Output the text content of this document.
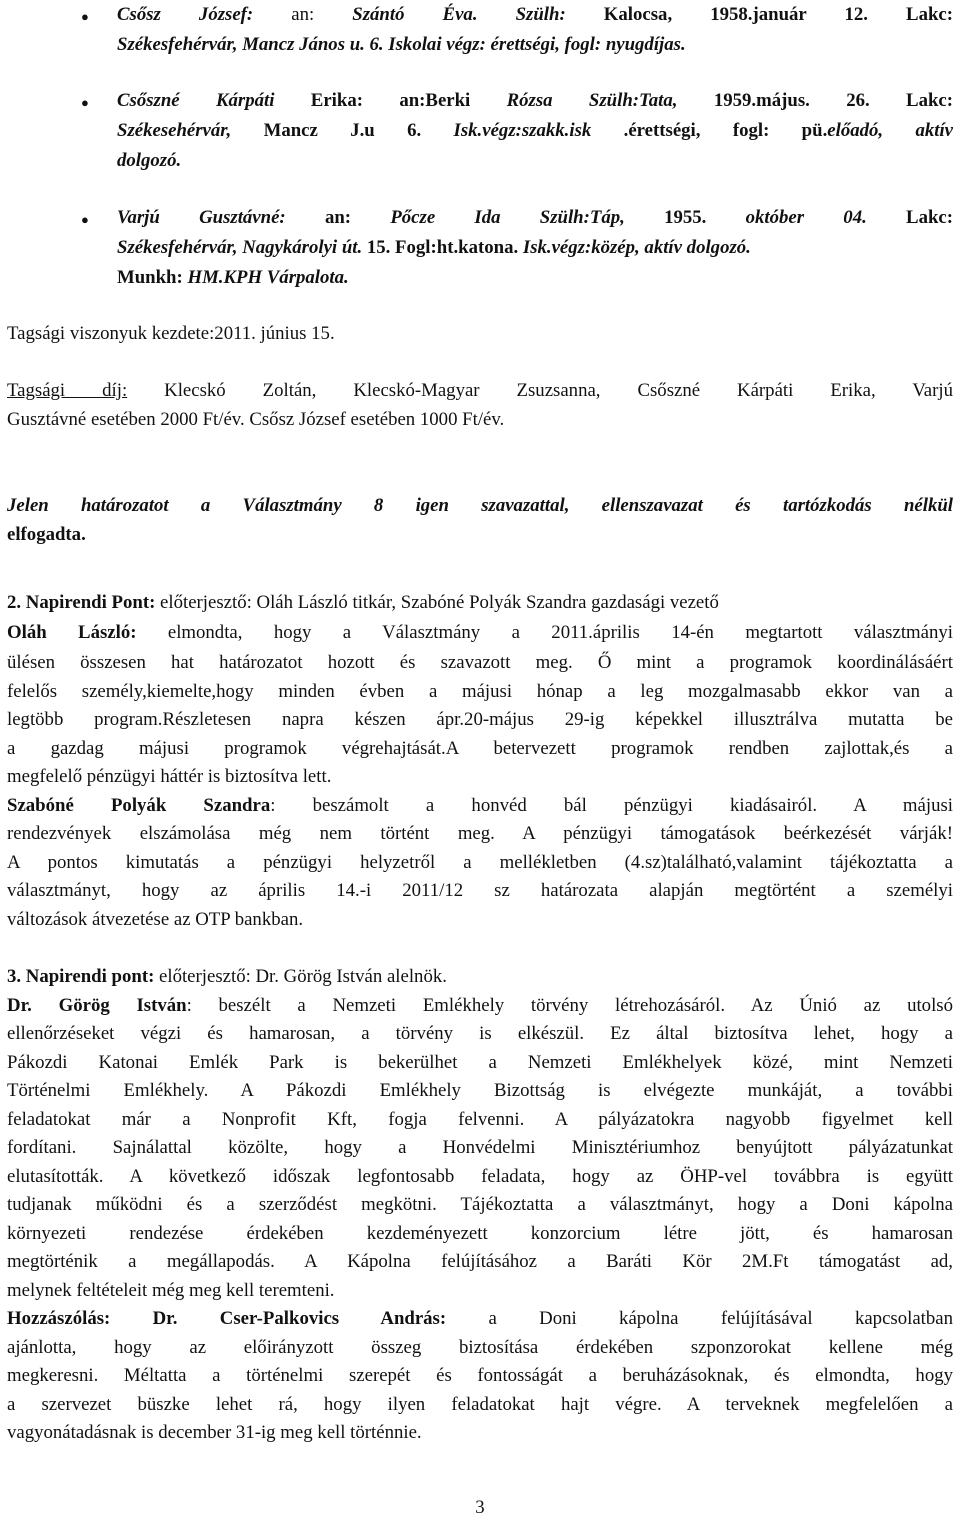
● Csősz József: an: Szántó Éva. Szülh: Kalocsa, 1958.január 12. Lakc:
Székesfehérvár, Mancz János u. 6. Iskolai végz: érettségi, fogl: nyugdíjas.
● Csőszné Kárpáti Erika: an:Berki Rózsa Szülh:Tata, 1959.május. 26. Lakc:
Székesehérvár, Mancz J.u 6. Isk.végz:szakk.isk .érettségi, fogl: pü.előadó, aktív
dolgozó.
● Varjú Gusztávné: an: Pőcze Ida Szülh:Táp, 1955. október 04. Lakc:
Székesfehérvár, Nagykárolyi út. 15. Fogl:ht.katona. Isk.végz:közép, aktív dolgozó.
Munkh: HM.KPH Várpalota.
Tagsági viszonyuk kezdete:2011. június 15.
Tagsági díj: Klecskó Zoltán, Klecskó-Magyar Zsuzsanna, Csőszné Kárpáti Erika, Varjú
Gusztávné esetében 2000 Ft/év. Csősz József esetében 1000 Ft/év.
Jelen határozatot a Választmány 8 igen szavazattal, ellenszavazat és tartózkodás nélkül
elfogadta.
2. Napirendi Pont: előterjesztő: Oláh László titkár, Szabóné Polyák Szandra gazdasági vezető
Oláh László: elmondta, hogy a Választmány a 2011.április 14-én megtartott választmányi
ülésen összesen hat határozatot hozott és szavazott meg. Ő mint a programok koordinálásáért
felelős személy,kiemelte,hogy minden évben a májusi hónap a leg mozgalmasabb ekkor van a
legtöbb program.Részletesen napra készen ápr.20-május 29-ig képekkel illusztrálva mutatta be
a gazdag májusi programok végrehajtását.A betervezett programok rendben zajlottak,és a
megfelelő pénzügyi háttér is biztosítva lett.
Szabóné Polyák Szandra: beszámolt a honvéd bál pénzügyi kiadásairól. A májusi
rendezvények elszámolása még nem történt meg. A pénzügyi támogatások beérkezését várják!
A pontos kimutatás a pénzügyi helyzetről a mellékletben (4.sz)található,valamint tájékoztatta a
választmányt, hogy az április 14.-i 2011/12 sz határozata alapján megtörtént a személyi
változások átvezetése az OTP bankban.
3. Napirendi pont: előterjesztő: Dr. Görög István alelnök.
Dr. Görög István: beszélt a Nemzeti Emlékhely törvény létrehozásáról. Az Únió az utolsó
ellenőrzéseket végzi és hamarosan, a törvény is elkészül. Ez által biztosítva lehet, hogy a
Pákozdi Katonai Emlék Park is bekerülhet a Nemzeti Emlékhelyek közé, mint Nemzeti
Történelmi Emlékhely. A Pákozdi Emlékhely Bizottság is elvégezte munkáját, a további
feladatokat már a Nonprofit Kft, fogja felvenni. A pályázatokra nagyobb figyelmet kell
fordítani. Sajnálattal közölte, hogy a Honvédelmi Minisztériumhoz benyújtott pályázatunkat
elutasították. A következő időszak legfontosabb feladata, hogy az ÖHP-vel továbbra is együtt
tudjanak működni és a szerződést megkötni. Tájékoztatta a választmányt, hogy a Doni kápolna
környezeti rendezése érdekében kezdeményezett konzorcium létre jött, és hamarosan
megtörténik a megállapodás. A Kápolna felújításához a Baráti Kör 2M.Ft támogatást ad,
melynek feltételeit még meg kell teremteni.
Hozzászólás: Dr. Cser-Palkovics András: a Doni kápolna felújításával kapcsolatban
ajánlotta, hogy az előirányzott összeg biztosítása érdekében szponzorokat kellene még
megkeresni. Méltatta a történelmi szerepét és fontosságát a beruházásoknak, és elmondta, hogy
a szervezet büszke lehet rá, hogy ilyen feladatokat hajt végre. A terveknek megfelelően a
vagyonátadásnak is december 31-ig meg kell történnie.
3
